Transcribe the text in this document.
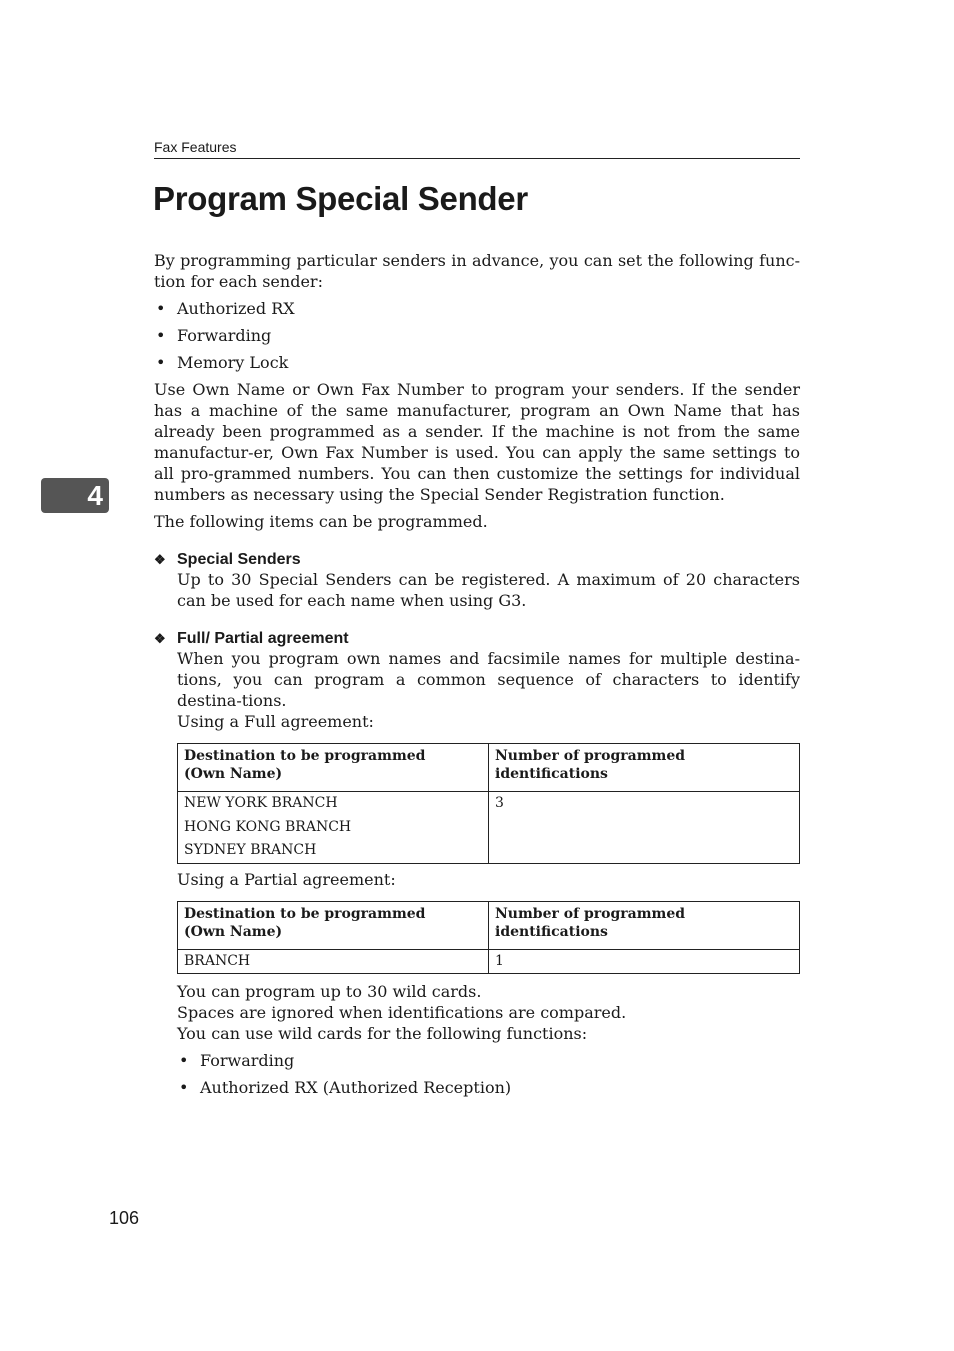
Fax Features
Program Special Sender
4

By programming particular senders in advance, you can set the following func-tion for each sender:

• Authorized RX
• Forwarding
• Memory Lock

Use Own Name or Own Fax Number to program your senders. If the sender has a machine of the same manufacturer, program an Own Name that has already been programmed as a sender. If the machine is not from the same manufactur-er, Own Fax Number is used. You can apply the same settings to all pro-grammed numbers. You can then customize the settings for individual numbers as necessary using the Special Sender Registration function.

The following items can be programmed.

❖ Special Senders

Up to 30 Special Senders can be registered. A maximum of 20 characters can be used for each name when using G3.

❖ Full/ Partial agreement

When you program own names and facsimile names for multiple destina-tions, you can program a common sequence of characters to identify destina-tions.

Using a Full agreement:

Destination to be programmed
(Own Name)	Number of programmed identifications

NEW YORK BRANCH
HONG KONG BRANCH
SYDNEY BRANCH	3

Using a Partial agreement:

Destination to be programmed
(Own Name)	Number of programmed identifications

BRANCH	1

You can program up to 30 wild cards.

Spaces are ignored when identifications are compared.

You can use wild cards for the following functions:

• Forwarding
• Authorized RX (Authorized Reception)
106
